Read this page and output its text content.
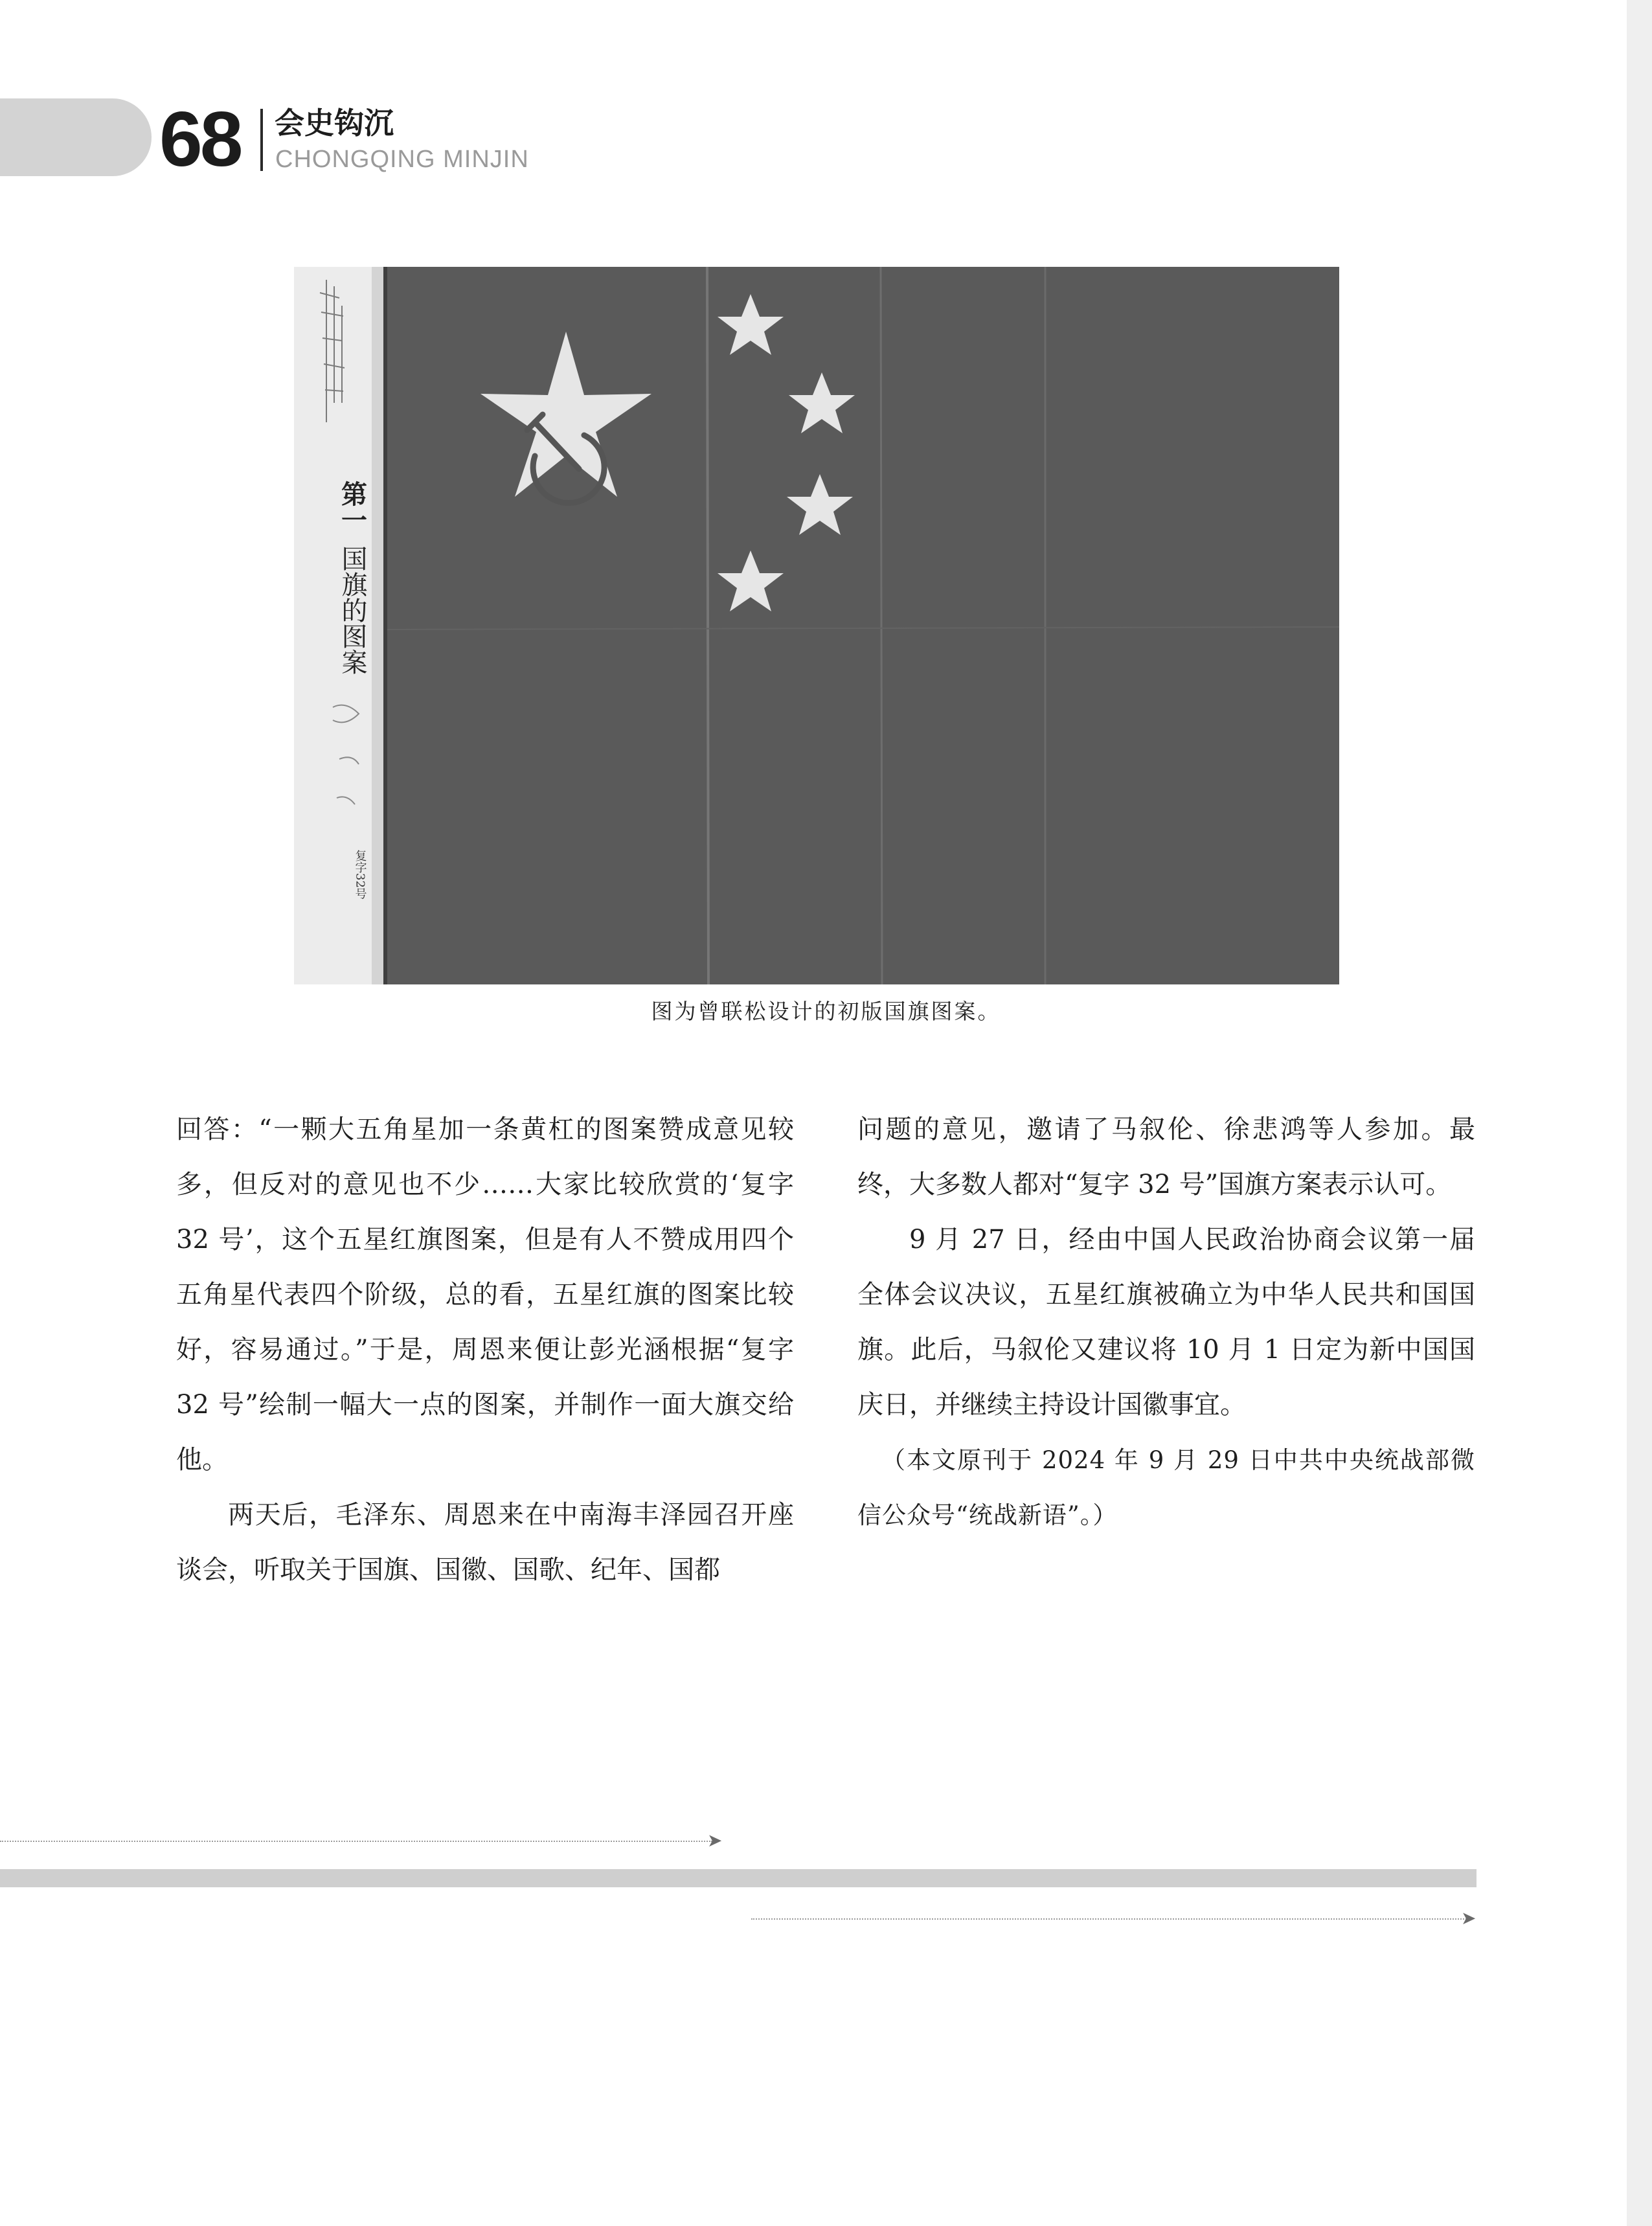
68 会史钩沉
CHONGQING MINJIN
第一
国旗的图案
复字32号
图为曾联松设计的初版国旗图案。

回答：“一颗大五角星加一条黄杠的图案赞成意见较多，但反对的意见也不少……大家比较欣赏的‘复字 32 号’，这个五星红旗图案，但是有人不赞成用四个五角星代表四个阶级，总的看，五星红旗的图案比较好，容易通过。”于是，周恩来便让彭光涵根据“复字 32 号”绘制一幅大一点的图案，并制作一面大旗交给他。

两天后，毛泽东、周恩来在中南海丰泽园召开座谈会，听取关于国旗、国徽、国歌、纪年、国都

问题的意见，邀请了马叙伦、徐悲鸿等人参加。最终，大多数人都对“复字 32 号”国旗方案表示认可。

9 月 27 日，经由中国人民政治协商会议第一届全体会议决议，五星红旗被确立为中华人民共和国国旗。此后，马叙伦又建议将 10 月 1 日定为新中国国庆日，并继续主持设计国徽事宜。

（本文原刊于 2024 年 9 月 29 日中共中央统战部微信公众号“统战新语”。）

➤
➤
